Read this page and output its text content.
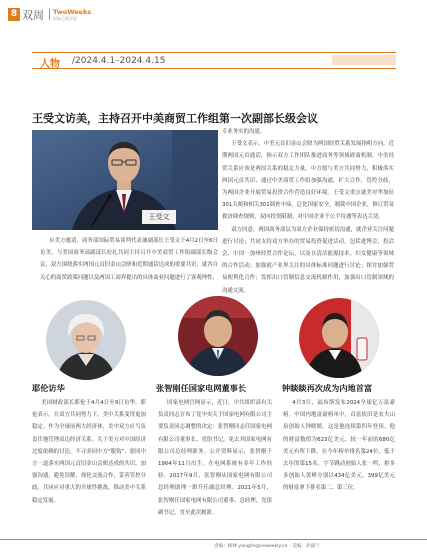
8 双周 TwoWeeks
国家行政学院
人物 /2024.4.1–2024.4.15
王受文访美，主持召开中美商贸工作组第一次副部长级会议
王受文

应美方邀请，商务部国际贸易谈判代表兼副部长王受文于4月2日至6日访美，与美国商务部副部长拉扎共同主持召开中美商贸工作组副部长级会议，双方围绕落实两国元首旧金山会晤和近期通话达成的重要共识，就各自关心的商贸政策问题以及两国工商界提出的具体商业问题进行了客观理性、

专业务实的沟通。

王受文表示，中美元首旧金山会晤为两国经贸关系发展指明方向。近期两国元首通话，指示双方工作团队推进商务等领域磋商机制。中美经贸关系应该是两国关系的稳定力量。中方愿与美方共同努力，积极落实两国元首共识，通过中美商贸工作组加强沟通，扩大合作，管控分歧，为两国企业开展贸易投资合作营造良好环境。王受文重点就美对华加征301关税和相关301调查中谛，泛化国家安全，制裁中国企业，修订贸易救济调查规则，双向投资限制，对中国企业不公平待遇等表达关切。

双方同意，两国商务部层为双方企业保持密切沟通，就企业关注问题进行讨论；共同支持双方举办的贸易投资促进活动，包括进博会、投洽会、中国一加州经贸合作论坛，以及在清洁能源技术、妇女健康等领域的合作活动；加强就产业界关注的具体标准问题进行讨论；探讨加强贸易便利化合作；发挥出口管制信息交流机制作用，加强出口管制领域的沟通交流。

耶伦访华	张智刚任国家电网董事长	钟睒睒再次成为内地首富

美国财政部长耶伦于4月4日至9日访华。耶伦表示，在双方共同努力下，美中关系变得更加稳定。作为全球前两大经济体，美中双方应当负责任地管理双边经济关系。关于美方对中国经济过度依赖的讨论，不寻求同中方“脱钩”，愿同中方一道落实两国元首旧金山会晤达成的共识，加强沟通，避免误解，探化交流合作，妥善管控分歧，共同应对重大的全球性挑战，推动美中关系稳定发展。

国家电网官网显示，近日，中共组织部有关负责同志宣布了党中央关于国家电网有限公司主要负责同志调整的决定：张智刚同志任国家电网有限公司董事长、党组书记。免去其国家电网有限公司总经理职务。公开资料显示，张智刚于1964年11月出生。在电网系统有多年工作经验。2017年9月，张智刚从国家电网有限公司总经理助理一职升任副总经理。2021年5月，张智刚任国家电网有限公司董事、总经理，党组副书记，直至此次履新。

4月3日，福布斯发布2024全球亿万富豪榜。中国内地富豪榜单中，首富依旧是农夫山泉创始人钟睒睒，这是他连续第四年登顶。他的财富数值为623亿美元，较一年前的680亿美元有所下降。在今年榜单排名第24位，低于去年的第15名。字节跳动创始人张一鸣，拼多多创始人黄峥分别以434亿美元、399亿美元的财富拿下排名第二、第三位。

责编：杨林 yanglin@ceweekly.cn　美编：孙毅兰
